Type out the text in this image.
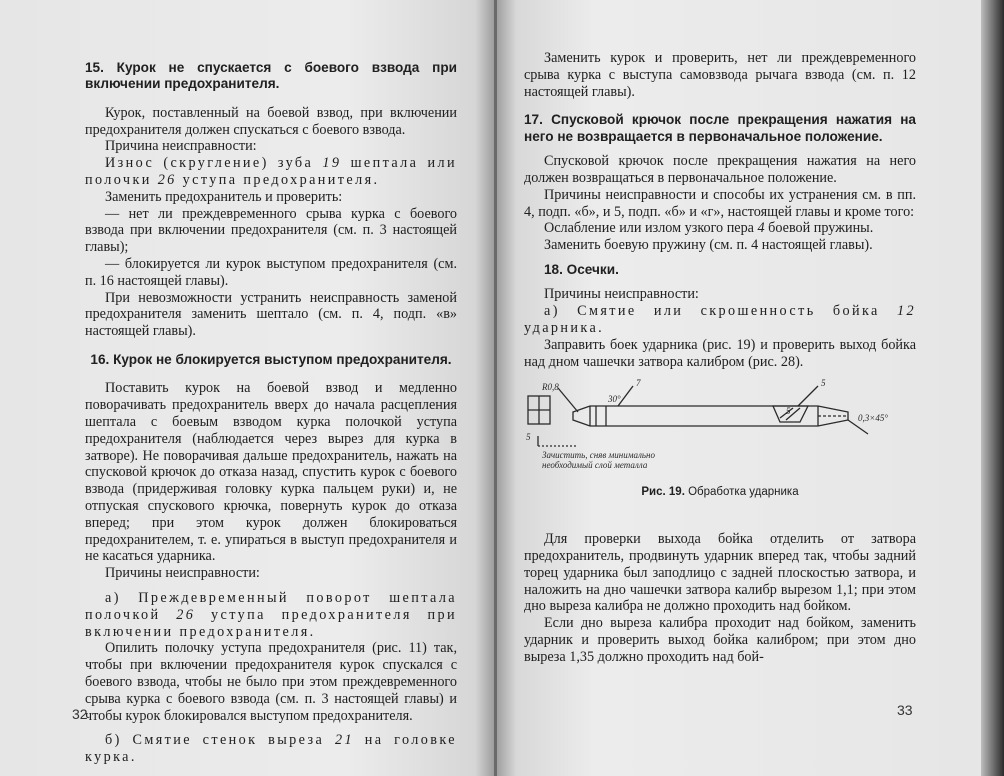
15. Курок не спускается с боевого взвода при включении предохранителя.

Курок, поставленный на боевой взвод, при включении предохранителя должен спускаться с боевого взвода.

Причина неисправности:

Износ (скругление) зуба 19 шептала или полочки 26 уступа предохранителя.

Заменить предохранитель и проверить:

— нет ли преждевременного срыва курка с боевого взвода при включении предохранителя (см. п. 3 настоящей главы);

— блокируется ли курок выступом предохранителя (см. п. 16 настоящей главы).

При невозможности устранить неисправность заменой предохранителя заменить шептало (см. п. 4, подп. «в» настоящей главы).

16. Курок не блокируется выступом предохранителя.

Поставить курок на боевой взвод и медленно поворачивать предохранитель вверх до начала расцепления шептала с боевым взводом курка полочкой уступа предохранителя (наблюдается через вырез для курка в затворе). Не поворачивая дальше предохранитель, нажать на спусковой крючок до отказа назад, спустить курок с боевого взвода (придерживая головку курка пальцем руки) и, не отпуская спускового крючка, повернуть курок до отказа вперед; при этом курок должен блокироваться предохранителем, т. е. упираться в выступ предохранителя и не касаться ударника.

Причины неисправности:

а) Преждевременный поворот шептала полочкой 26 уступа предохранителя при включении предохранителя.

Опилить полочку уступа предохранителя (рис. 11) так, чтобы при включении предохранителя курок спускался с боевого взвода, чтобы не было при этом преждевременного срыва курка с боевого взвода (см. п. 3 настоящей главы) и чтобы курок блокировался выступом предохранителя.

б) Смятие стенок выреза 21 на головке курка.

32

Заменить курок и проверить, нет ли преждевременного срыва курка с выступа самовзвода рычага взвода (см. п. 12 настоящей главы).

17. Спусковой крючок после прекращения нажатия на него не возвращается в первоначальное положение.

Спусковой крючок после прекращения нажатия на него должен возвращаться в первоначальное положение.

Причины неисправности и способы их устранения см. в пп. 4, подп. «б», и 5, подп. «б» и «г», настоящей главы и кроме того:

Ослабление или излом узкого пера 4 боевой пружины.

Заменить боевую пружину (см. п. 4 настоящей главы).

18. Осечки.

Причины неисправности:

а) Смятие или скрошенность бойка 12 ударника.

Заправить боек ударника (рис. 19) и проверить выход бойка над дном чашечки затвора калибром (рис. 28).

R0,8
30°
7	5
5
5
0,3×45°
Зачистить, сняв минимально
необходимый слой металла

Рис. 19. Обработка ударника

Для проверки выхода бойка отделить от затвора предохранитель, продвинуть ударник вперед так, чтобы задний торец ударника был заподлицо с задней плоскостью затвора, и наложить на дно чашечки затвора калибр вырезом 1,1; при этом дно выреза калибра не должно проходить над бойком.

Если дно выреза калибра проходит над бойком, заменить ударник и проверить выход бойка калибром; при этом дно выреза 1,35 должно проходить над бой-

33
